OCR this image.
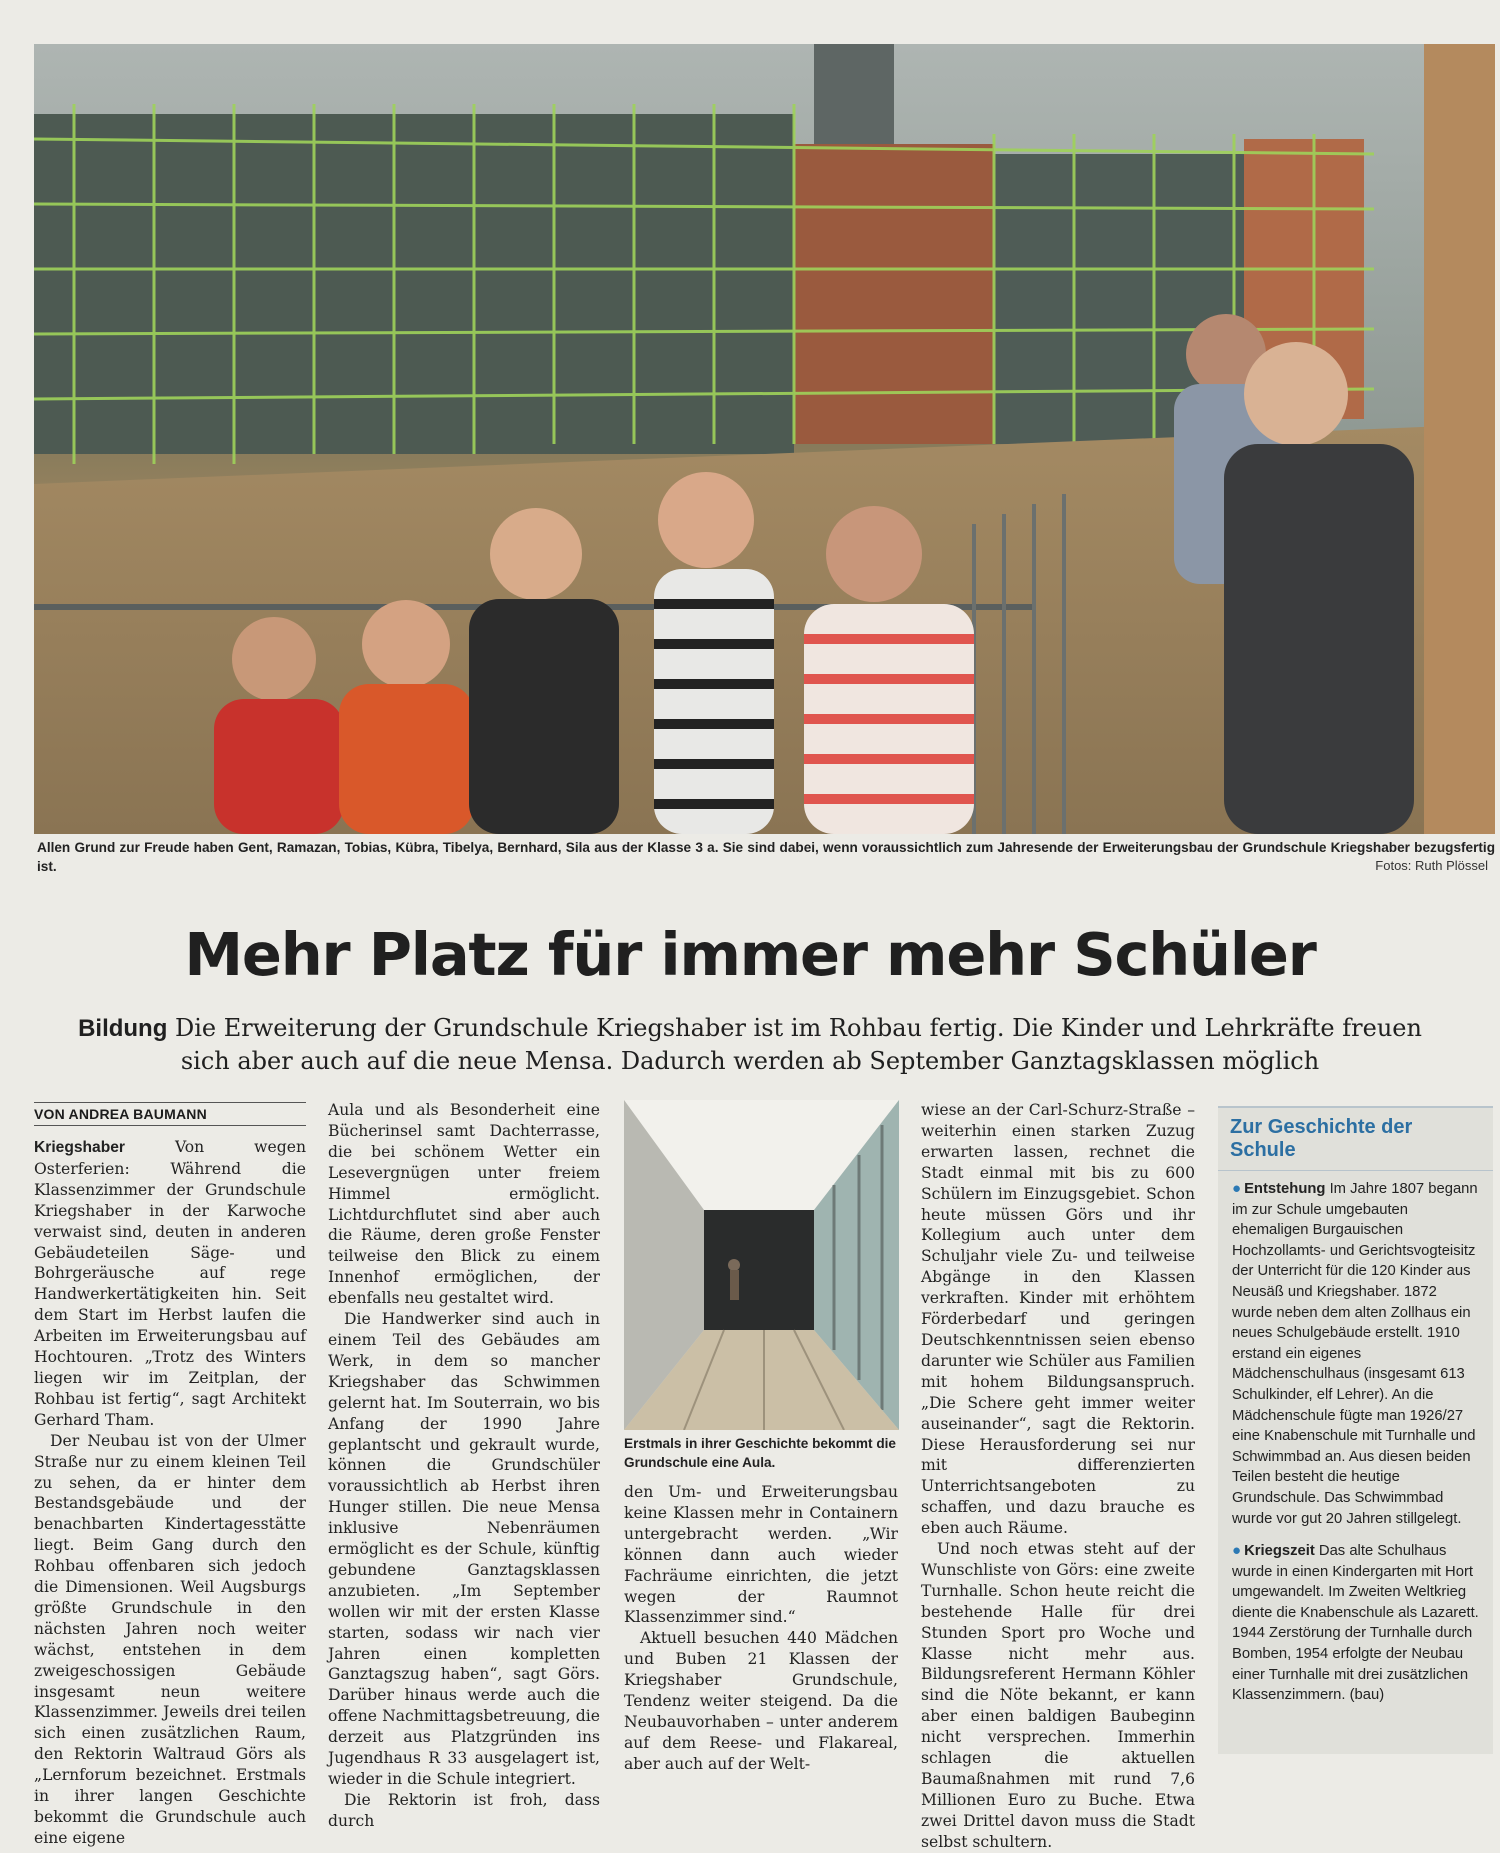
Allen Grund zur Freude haben Gent, Ramazan, Tobias, Kübra, Tibelya, Bernhard, Sila aus der Klasse 3 a. Sie sind dabei, wenn voraussichtlich zum Jahresende der Erweiterungsbau der Grundschule Kriegshaber bezugsfertig ist.	Fotos: Ruth Plössel
Mehr Platz für immer mehr Schüler
Bildung Die Erweiterung der Grundschule Kriegshaber ist im Rohbau fertig. Die Kinder und Lehrkräfte freuen sich aber auch auf die neue Mensa. Dadurch werden ab September Ganztagsklassen möglich
VON ANDREA BAUMANN

Kriegshaber Von wegen Osterferien: Während die Klassenzimmer der Grundschule Kriegshaber in der Karwoche verwaist sind, deuten in anderen Gebäudeteilen Säge- und Bohrgeräusche auf rege Handwerkertätigkeiten hin. Seit dem Start im Herbst laufen die Arbeiten im Erweiterungsbau auf Hochtouren. „Trotz des Winters liegen wir im Zeitplan, der Rohbau ist fertig“, sagt Architekt Gerhard Tham.

Der Neubau ist von der Ulmer Straße nur zu einem kleinen Teil zu sehen, da er hinter dem Bestandsgebäude und der benachbarten Kindertagesstätte liegt. Beim Gang durch den Rohbau offenbaren sich jedoch die Dimensionen. Weil Augsburgs größte Grundschule in den nächsten Jahren noch weiter wächst, entstehen in dem zweigeschossigen Gebäude insgesamt neun weitere Klassenzimmer. Jeweils drei teilen sich einen zusätzlichen Raum, den Rektorin Waltraud Görs als „Lernforum bezeichnet. Erstmals in ihrer langen Geschichte bekommt die Grundschule auch eine eigene

Aula und als Besonderheit eine Bücherinsel samt Dachterrasse, die bei schönem Wetter ein Lesevergnügen unter freiem Himmel ermöglicht. Lichtdurchflutet sind aber auch die Räume, deren große Fenster teilweise den Blick zu einem Innenhof ermöglichen, der ebenfalls neu gestaltet wird.

Die Handwerker sind auch in einem Teil des Gebäudes am Werk, in dem so mancher Kriegshaber das Schwimmen gelernt hat. Im Souterrain, wo bis Anfang der 1990 Jahre geplantscht und gekrault wurde, können die Grundschüler voraussichtlich ab Herbst ihren Hunger stillen. Die neue Mensa inklusive Nebenräumen ermöglicht es der Schule, künftig gebundene Ganztagsklassen anzubieten. „Im September wollen wir mit der ersten Klasse starten, sodass wir nach vier Jahren einen kompletten Ganztagszug haben“, sagt Görs. Darüber hinaus werde auch die offene Nachmittagsbetreuung, die derzeit aus Platzgründen ins Jugendhaus R 33 ausgelagert ist, wieder in die Schule integriert.

Die Rektorin ist froh, dass durch

Erstmals in ihrer Geschichte bekommt die Grundschule eine Aula.

den Um- und Erweiterungsbau keine Klassen mehr in Containern untergebracht werden. „Wir können dann auch wieder Fachräume einrichten, die jetzt wegen der Raumnot Klassenzimmer sind.“

Aktuell besuchen 440 Mädchen und Buben 21 Klassen der Kriegshaber Grundschule, Tendenz weiter steigend. Da die Neubauvorhaben – unter anderem auf dem Reese- und Flakareal, aber auch auf der Welt-

wiese an der Carl-Schurz-Straße – weiterhin einen starken Zuzug erwarten lassen, rechnet die Stadt einmal mit bis zu 600 Schülern im Einzugsgebiet. Schon heute müssen Görs und ihr Kollegium auch unter dem Schuljahr viele Zu- und teilweise Abgänge in den Klassen verkraften. Kinder mit erhöhtem Förderbedarf und geringen Deutschkenntnissen seien ebenso darunter wie Schüler aus Familien mit hohem Bildungsanspruch. „Die Schere geht immer weiter auseinander“, sagt die Rektorin. Diese Herausforderung sei nur mit differenzierten Unterrichtsangeboten zu schaffen, und dazu brauche es eben auch Räume.

Und noch etwas steht auf der Wunschliste von Görs: eine zweite Turnhalle. Schon heute reicht die bestehende Halle für drei Stunden Sport pro Woche und Klasse nicht mehr aus. Bildungsreferent Hermann Köhler sind die Nöte bekannt, er kann aber einen baldigen Baubeginn nicht versprechen. Immerhin schlagen die aktuellen Baumaßnahmen mit rund 7,6 Millionen Euro zu Buche. Etwa zwei Drittel davon muss die Stadt selbst schultern.

Zur Geschichte der Schule

● Entstehung Im Jahre 1807 begann im zur Schule umgebauten ehemaligen Burgauischen Hochzollamts- und Gerichtsvogteisitz der Unterricht für die 120 Kinder aus Neusäß und Kriegshaber. 1872 wurde neben dem alten Zollhaus ein neues Schulgebäude erstellt. 1910 erstand ein eigenes Mädchenschulhaus (insgesamt 613 Schulkinder, elf Lehrer). An die Mädchenschule fügte man 1926/27 eine Knabenschule mit Turnhalle und Schwimmbad an. Aus diesen beiden Teilen besteht die heutige Grundschule. Das Schwimmbad wurde vor gut 20 Jahren stillgelegt.

● Kriegszeit Das alte Schulhaus wurde in einen Kindergarten mit Hort umgewandelt. Im Zweiten Weltkrieg diente die Knabenschule als Lazarett. 1944 Zerstörung der Turnhalle durch Bomben, 1954 erfolgte der Neubau einer Turnhalle mit drei zusätzlichen Klassenzimmern. (bau)
